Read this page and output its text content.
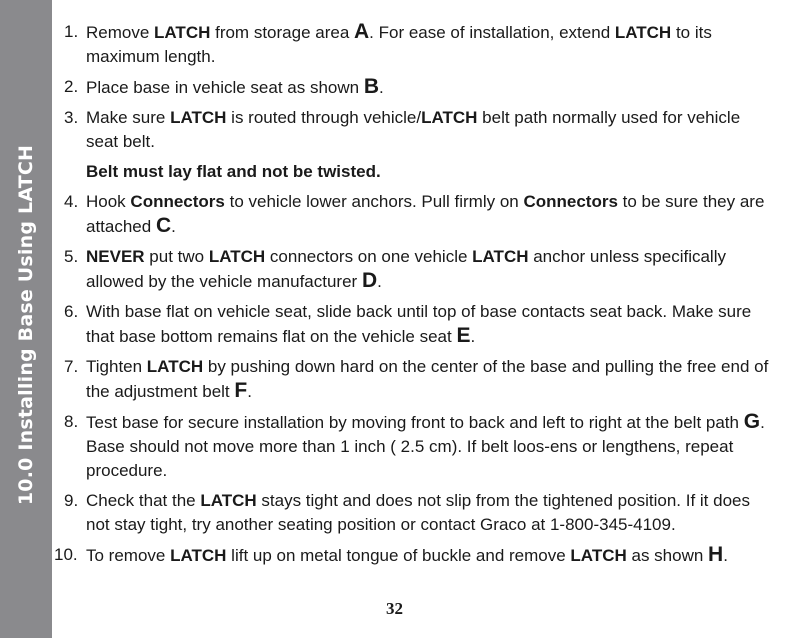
10.0 Installing Base Using LATCH
1. Remove LATCH from storage area A. For ease of installation, extend LATCH to its maximum length.
2. Place base in vehicle seat as shown B.
3. Make sure LATCH is routed through vehicle/LATCH belt path normally used for vehicle seat belt.
Belt must lay flat and not be twisted.
4. Hook Connectors to vehicle lower anchors. Pull firmly on Connectors to be sure they are attached C.
5. NEVER put two LATCH connectors on one vehicle LATCH anchor unless specifically allowed by the vehicle manufacturer D.
6. With base flat on vehicle seat, slide back until top of base contacts seat back. Make sure that base bottom remains flat on the vehicle seat E.
7. Tighten LATCH by pushing down hard on the center of the base and pulling the free end of the adjustment belt F.
8. Test base for secure installation by moving front to back and left to right at the belt path G. Base should not move more than 1 inch ( 2.5 cm). If belt loos-ens or lengthens, repeat procedure.
9. Check that the LATCH stays tight and does not slip from the tightened position. If it does not stay tight, try another seating position or contact Graco at 1-800-345-4109.
10. To remove LATCH lift up on metal tongue of buckle and remove LATCH as shown H.
32
